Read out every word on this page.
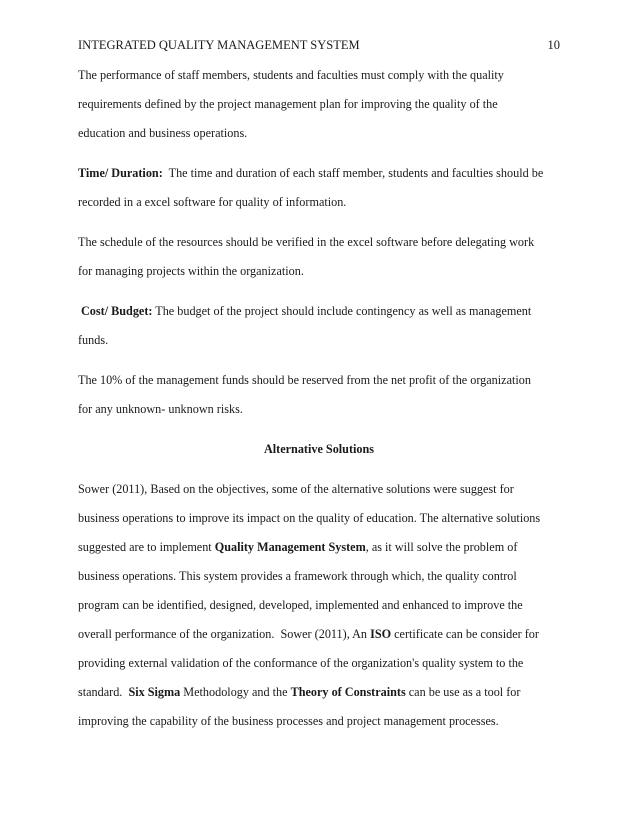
INTEGRATED QUALITY MANAGEMENT SYSTEM	10
The performance of staff members, students and faculties must comply with the quality
requirements defined by the project management plan for improving the quality of the
education and business operations.
Time/ Duration:  The time and duration of each staff member, students and faculties should be
recorded in a excel software for quality of information.
The schedule of the resources should be verified in the excel software before delegating work
for managing projects within the organization.
Cost/ Budget: The budget of the project should include contingency as well as management
funds.
The 10% of the management funds should be reserved from the net profit of the organization
for any unknown- unknown risks.
Alternative Solutions
Sower (2011), Based on the objectives, some of the alternative solutions were suggest for
business operations to improve its impact on the quality of education. The alternative solutions
suggested are to implement Quality Management System, as it will solve the problem of
business operations. This system provides a framework through which, the quality control
program can be identified, designed, developed, implemented and enhanced to improve the
overall performance of the organization.  Sower (2011), An ISO certificate can be consider for
providing external validation of the conformance of the organization's quality system to the
standard.  Six Sigma Methodology and the Theory of Constraints can be use as a tool for
improving the capability of the business processes and project management processes.
